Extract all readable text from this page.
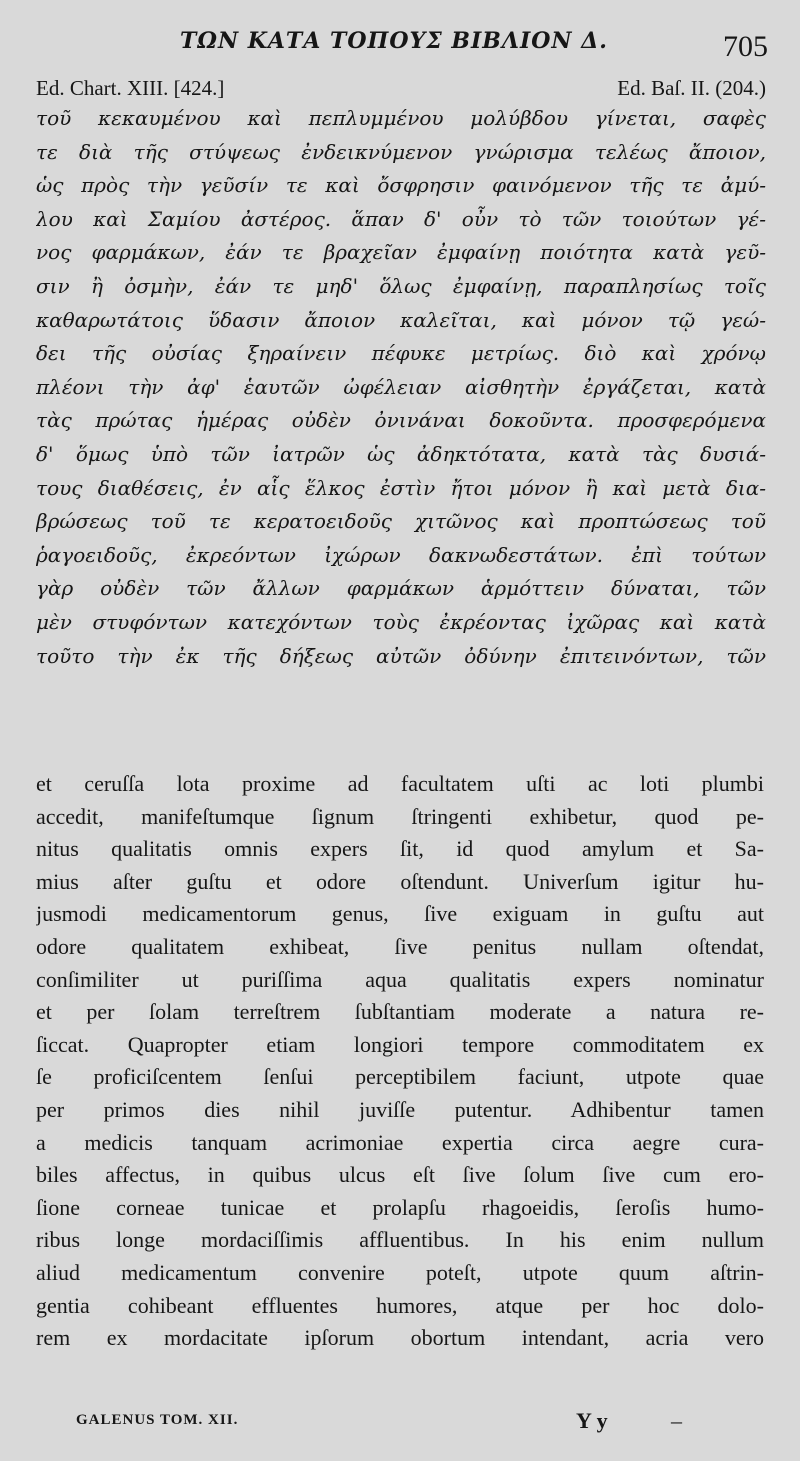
ΤΩΝ ΚΑΤΑ ΤΟΠΟΥΣ ΒΙΒΛΙΟΝ Δ.	705
Ed. Chart. XIII. [424.]	Ed. Baſ. II. (204.)
τοῦ κεκαυμένου καὶ πεπλυμμένου μολύβδου γίνεται, σαφὲς
τε διὰ τῆς στύψεως ἐνδεικνύμενον γνώρισμα τελέως ἄποιον,
ὡς πρὸς τὴν γεῦσίν τε καὶ ὄσφρησιν φαινόμενον τῆς τε ἀμύ-
λου καὶ Σαμίου ἀστέρος. ἅπαν δ' οὖν τὸ τῶν τοιούτων γέ-
νος φαρμάκων, ἐάν τε βραχεῖαν ἐμφαίνῃ ποιότητα κατὰ γεῦ-
σιν ἢ ὀσμὴν, ἐάν τε μηδ' ὅλως ἐμφαίνῃ, παραπλησίως τοῖς
καθαρωτάτοις ὕδασιν ἄποιον καλεῖται, καὶ μόνον τῷ γεώ-
δει τῆς οὐσίας ξηραίνειν πέφυκε μετρίως. διὸ καὶ χρόνῳ
πλέονι τὴν ἀφ' ἑαυτῶν ὠφέλειαν αἰσθητὴν ἐργάζεται, κατὰ
τὰς πρώτας ἡμέρας οὐδὲν ὀνινάναι δοκοῦντα. προσφερόμενα
δ' ὅμως ὑπὸ τῶν ἰατρῶν ὡς ἀδηκτότατα, κατὰ τὰς δυσιά-
τους διαθέσεις, ἐν αἷς ἕλκος ἐστὶν ἤτοι μόνον ἢ καὶ μετὰ δια-
βρώσεως τοῦ τε κερατοειδοῦς χιτῶνος καὶ προπτώσεως τοῦ
ῥαγοειδοῦς, ἐκρεόντων ἰχώρων δακνωδεστάτων. ἐπὶ τούτων
γὰρ οὐδὲν τῶν ἄλλων φαρμάκων ἁρμόττειν δύναται, τῶν
μὲν στυφόντων κατεχόντων τοὺς ἐκρέοντας ἰχῶρας καὶ κατὰ
τοῦτο τὴν ἐκ τῆς δήξεως αὐτῶν ὀδύνην ἐπιτεινόντων, τῶν
et ceruſſa lota proxime ad facultatem uſti ac loti plumbi
accedit, manifeſtumque ſignum ſtringenti exhibetur, quod pe-
nitus qualitatis omnis expers ſit, id quod amylum et Sa-
mius aſter guſtu et odore oſtendunt. Univerſum igitur hu-
jusmodi medicamentorum genus, ſive exiguam in guſtu aut
odore qualitatem exhibeat, ſive penitus nullam oſtendat,
conſimiliter ut puriſſima aqua qualitatis expers nominatur
et per ſolam terreſtrem ſubſtantiam moderate a natura re-
ſiccat. Quapropter etiam longiori tempore commoditatem ex
ſe proficiſcentem ſenſui perceptibilem faciunt, utpote quae
per primos dies nihil juviſſe putentur. Adhibentur tamen
a medicis tanquam acrimoniae expertia circa aegre cura-
biles affectus, in quibus ulcus eſt ſive ſolum ſive cum ero-
ſione corneae tunicae et prolapſu rhagoeidis, ſeroſis humo-
ribus longe mordaciſſimis affluentibus. In his enim nullum
aliud medicamentum convenire poteſt, utpote quum aſtrin-
gentia cohibeant effluentes humores, atque per hoc dolo-
rem ex mordacitate ipſorum obortum intendant, acria vero
GALENUS TOM. XII.	Y y	–
